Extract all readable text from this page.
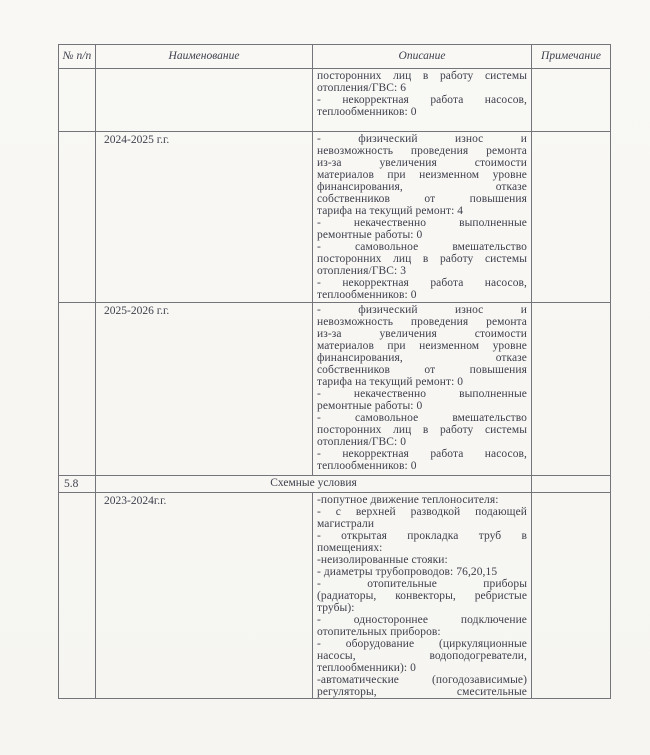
№ п/п	Наименование	Описание	Примечание

		посторонних лиц в работу системы
отопления/ГВС: 6
- некорректная работа насосов,
теплообменников: 0	

	2024-2025 г.г.	- физический износ и
невозможность проведения ремонта
из-за увеличения стоимости
материалов при неизменном уровне
финансирования, отказе
собственников от повышения
тарифа на текущий ремонт: 4
- некачественно выполненные
ремонтные работы: 0
- самовольное вмешательство
посторонних лиц в работу системы
отопления/ГВС: 3
- некорректная работа насосов,
теплообменников: 0

	2025-2026 г.г.	- физический износ и
невозможность проведения ремонта
из-за увеличения стоимости
материалов при неизменном уровне
финансирования, отказе
собственников от повышения
тарифа на текущий ремонт: 0
- некачественно выполненные
ремонтные работы: 0
- самовольное вмешательство
посторонних лиц в работу системы
отопления/ГВС: 0
- некорректная работа насосов,
теплообменников: 0

5.8	Схемные условия		
	2023-2024г.г.	-попутное движение теплоносителя:
- с верхней разводкой подающей
магистрали
- открытая прокладка труб в
помещениях:
-неизолированные стояки:
- диаметры трубопроводов: 76,20,15
- отопительные приборы
(радиаторы, конвекторы, ребристые
трубы):
- одностороннее подключение
отопительных приборов:
- оборудование (циркуляционные
насосы, водоподогреватели,
теплообменники): 0
-автоматические (погодозависимые)
регуляторы, смесительные
